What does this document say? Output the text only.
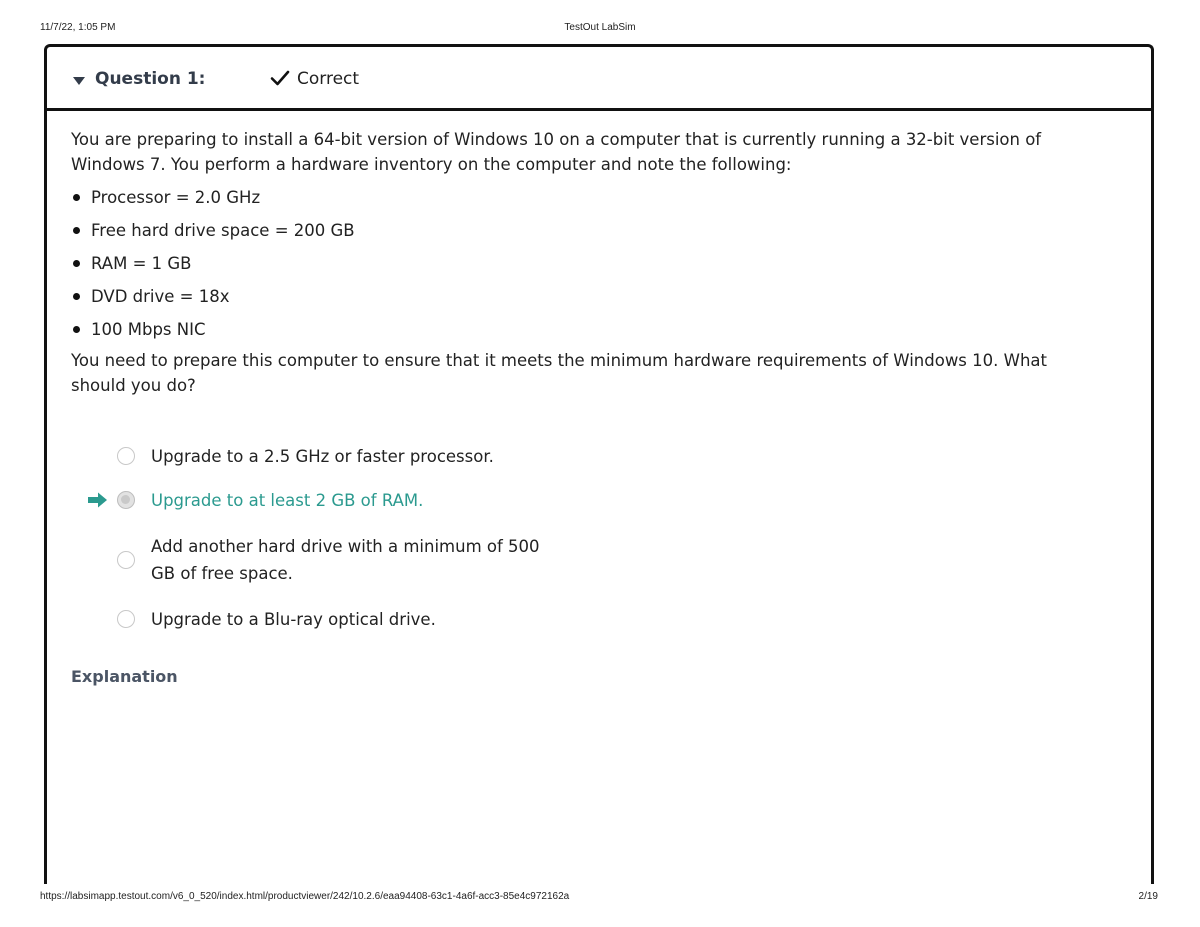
11/7/22, 1:05 PM	TestOut LabSim
Question 1:	Correct

You are preparing to install a 64-bit version of Windows 10 on a computer that is currently running a 32-bit version of Windows 7. You perform a hardware inventory on the computer and note the following:

Processor = 2.0 GHz
Free hard drive space = 200 GB
RAM = 1 GB
DVD drive = 18x
100 Mbps NIC

You need to prepare this computer to ensure that it meets the minimum hardware requirements of Windows 10. What should you do?

Upgrade to a 2.5 GHz or faster processor.
Upgrade to at least 2 GB of RAM.
Add another hard drive with a minimum of 500 GB of free space.
Upgrade to a Blu-ray optical drive.
Explanation
https://labsimapp.testout.com/v6_0_520/index.html/productviewer/242/10.2.6/eaa94408-63c1-4a6f-acc3-85e4c972162a	2/19
